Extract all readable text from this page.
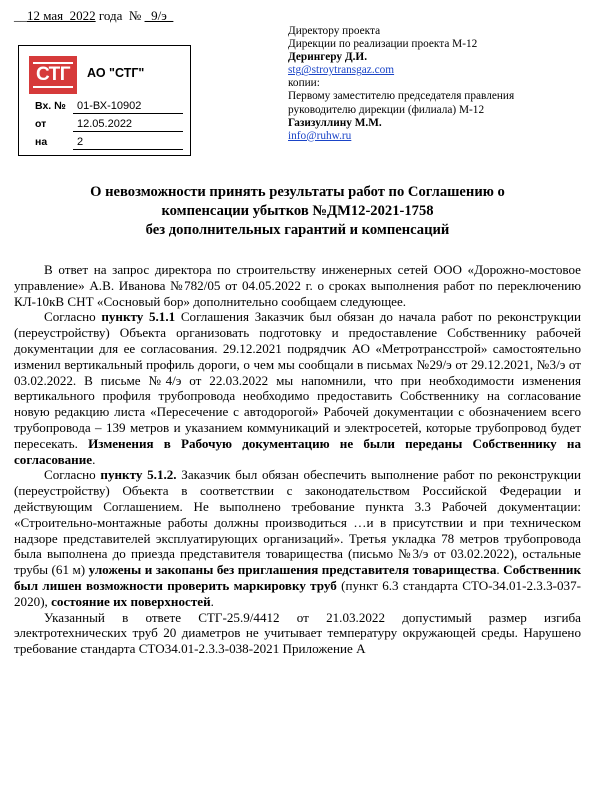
__12 мая_2022 года  № _9/э_
СТГ	АО "СТГ"
Вх. №	01-ВХ-10902
от	12.05.2022
на	2
Директору проекта
Дирекции по реализации проекта М-12
Дерингеру Д.И.
stg@stroytransgaz.com
копии:
Первому заместителю председателя правления
руководителю дирекции (филиала) М-12
Газизуллину М.М.
info@ruhw.ru
О невозможности принять результаты работ по Соглашению о
компенсации убытков №ДМ12-2021-1758
без дополнительных гарантий и компенсаций

В ответ на запрос директора по строительству инженерных сетей ООО «Дорожно-мостовое управление» А.В. Иванова №782/05 от 04.05.2022 г. о сроках выполнения работ по переключению КЛ-10кВ СНТ «Сосновый бор» дополнительно сообщаем следующее.

Согласно пункту 5.1.1 Соглашения Заказчик был обязан до начала работ по реконструкции (переустройству) Объекта организовать подготовку и предоставление Собственнику рабочей документации для ее согласования. 29.12.2021 подрядчик АО «Метротрансстрой» самостоятельно изменил вертикальный профиль дороги, о чем мы сообщали в письмах №29/э от 29.12.2021, №3/э от 03.02.2022. В письме №4/э от 22.03.2022 мы напомнили, что при необходимости изменения вертикального профиля трубопровода необходимо предоставить Собственнику на согласование новую редакцию листа «Пересечение с автодорогой» Рабочей документации с обозначением всего трубопровода – 139 метров и указанием коммуникаций и электросетей, которые трубопровод будет пересекать. Изменения в Рабочую документацию не были переданы Собственнику на согласование.

Согласно пункту 5.1.2. Заказчик был обязан обеспечить выполнение работ по реконструкции (переустройству) Объекта в соответствии с законодательством Российской Федерации и действующим Соглашением. Не выполнено требование пункта 3.3 Рабочей документации: «Строительно-монтажные работы должны производиться …и в присутствии и при техническом надзоре представителей эксплуатирующих организаций». Третья укладка 78 метров трубопровода была выполнена до приезда представителя товарищества (письмо №3/э от 03.02.2022), остальные трубы (61 м) уложены и закопаны без приглашения представителя товарищества. Собственник был лишен возможности проверить маркировку труб (пункт 6.3 стандарта СТО-34.01-2.3.3-037-2020), состояние их поверхностей.

Указанный в ответе СТГ-25.9/4412 от 21.03.2022 допустимый размер изгиба электротехнических труб 20 диаметров не учитывает температуру окружающей среды. Нарушено требование стандарта СТО34.01-2.3.3-038-2021 Приложение А
